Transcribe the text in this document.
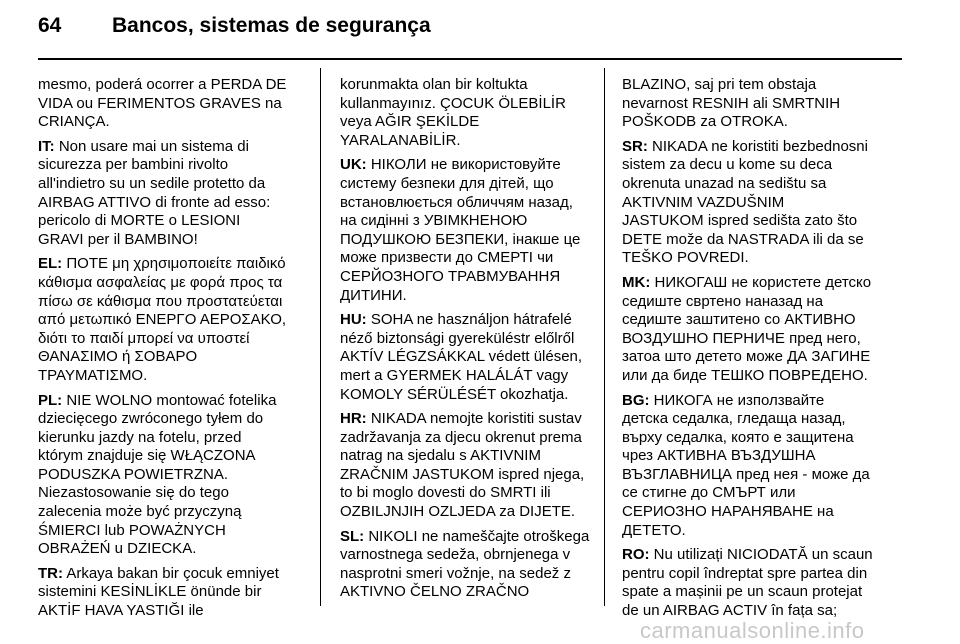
64 Bancos, sistemas de segurança

mesmo, poderá ocorrer a PERDA DE
VIDA ou FERIMENTOS GRAVES na
CRIANÇA.

IT: Non usare mai un sistema di
sicurezza per bambini rivolto
all'indietro su un sedile protetto da
AIRBAG ATTIVO di fronte ad esso:
pericolo di MORTE o LESIONI
GRAVI per il BAMBINO!

EL: ΠΟΤΕ μη χρησιμοποιείτε παιδικό
κάθισμα ασφαλείας με φορά προς τα
πίσω σε κάθισμα που προστατεύεται
από μετωπικό ΕΝΕΡΓΟ ΑΕΡΟΣΑΚΟ,
διότι το παιδί μπορεί να υποστεί
ΘΑΝΑΣΙΜΟ ή ΣΟΒΑΡΟ
ΤΡΑΥΜΑΤΙΣΜΟ.

PL: NIE WOLNO montować fotelika
dziecięcego zwróconego tyłem do
kierunku jazdy na fotelu, przed
którym znajduje się WŁĄCZONA
PODUSZKA POWIETRZNA.
Niezastosowanie się do tego
zalecenia może być przyczyną
ŚMIERCI lub POWAŻNYCH
OBRAŻEŃ u DZIECKA.

TR: Arkaya bakan bir çocuk emniyet
sistemini KESİNLİKLE önünde bir
AKTİF HAVA YASTIĞI ile

korunmakta olan bir koltukta
kullanmayınız. ÇOCUK ÖLEBİLİR
veya AĞIR ŞEKİLDE
YARALANABİLİR.

UK: НІКОЛИ не використовуйте
систему безпеки для дітей, що
встановлюється обличчям назад,
на сидінні з УВІМКНЕНОЮ
ПОДУШКОЮ БЕЗПЕКИ, інакше це
може призвести до СМЕРТІ чи
СЕРЙОЗНОГО ТРАВМУВАННЯ
ДИТИНИ.

HU: SOHA ne használjon hátrafelé
néző biztonsági gyereküléstr előlről
AKTÍV LÉGZSÁKKAL védett ülésen,
mert a GYERMEK HALÁLÁT vagy
KOMOLY SÉRÜLÉSÉT okozhatja.

HR: NIKADA nemojte koristiti sustav
zadržavanja za djecu okrenut prema
natrag na sjedalu s AKTIVNIM
ZRAČNIM JASTUKOM ispred njega,
to bi moglo dovesti do SMRTI ili
OZBILJNJIH OZLJEDA za DIJETE.

SL: NIKOLI ne nameščajte otroškega
varnostnega sedeža, obrnjenega v
nasprotni smeri vožnje, na sedež z
AKTIVNO ČELNO ZRAČNO

BLAZINO, saj pri tem obstaja
nevarnost RESNIH ali SMRTNIH
POŠKODB za OTROKA.

SR: NIKADA ne koristiti bezbednosni
sistem za decu u kome su deca
okrenuta unazad na sedištu sa
AKTIVNIM VAZDUŠNIM
JASTUKOM ispred sedišta zato što
DETE može da NASTRADA ili da se
TEŠKO POVREDI.

MK: НИКОГАШ не користете детско
седиште свртено наназад на
седиште заштитено со АКТИВНО
ВОЗДУШНО ПЕРНИЧЕ пред него,
затоа што детето може ДА ЗАГИНЕ
или да биде ТЕШКО ПОВРЕДЕНО.

BG: НИКОГА не използвайте
детска седалка, гледаща назад,
върху седалка, която е защитена
чрез АКТИВНА ВЪЗДУШНА
ВЪЗГЛАВНИЦА пред нея - може да
се стигне до СМЪРТ или
СЕРИОЗНО НАРАНЯВАНЕ на
ДЕТЕТО.

RO: Nu utilizați NICIODATĂ un scaun
pentru copil îndreptat spre partea din
spate a mașinii pe un scaun protejat
de un AIRBAG ACTIV în fața sa;

carmanualsonline.info
